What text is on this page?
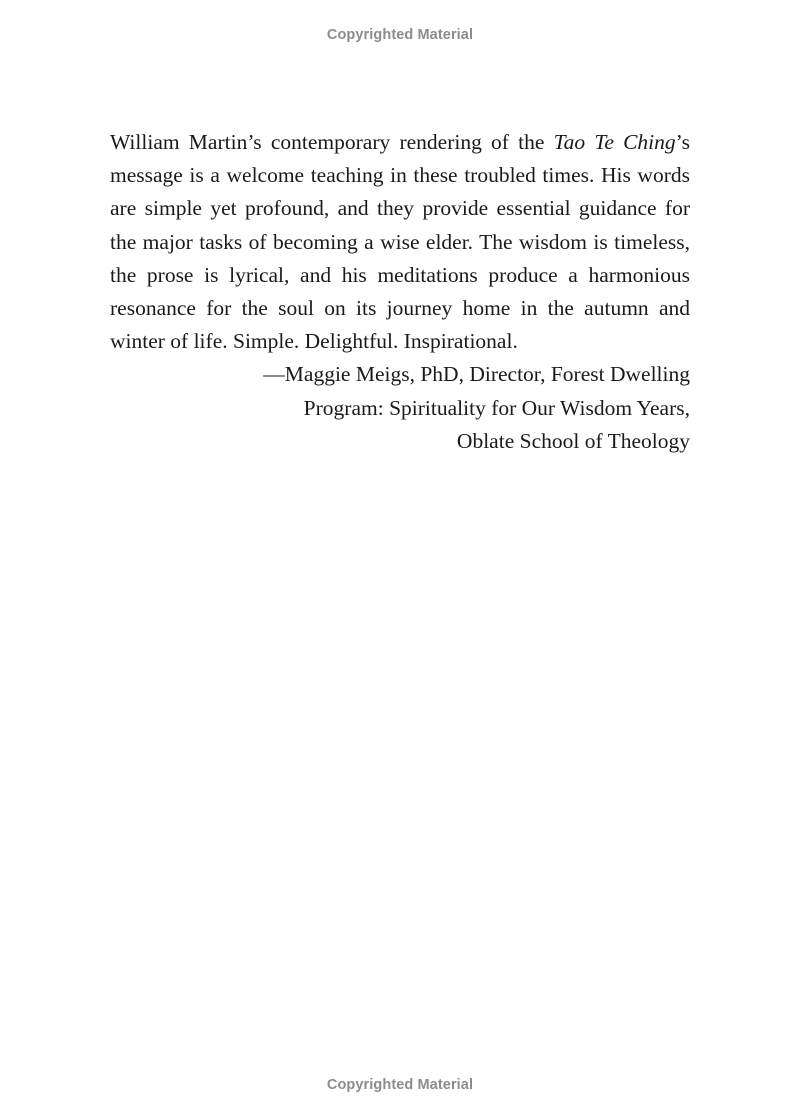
Copyrighted Material

William Martin’s contemporary rendering of the Tao Te Ching’s message is a welcome teaching in these troubled times. His words are simple yet profound, and they provide essential guidance for the major tasks of becoming a wise elder. The wisdom is timeless, the prose is lyrical, and his meditations produce a harmonious resonance for the soul on its journey home in the autumn and winter of life. Simple. Delightful. Inspirational.

—Maggie Meigs, PhD, Director, Forest Dwelling
Program: Spirituality for Our Wisdom Years,
Oblate School of Theology

Copyrighted Material
